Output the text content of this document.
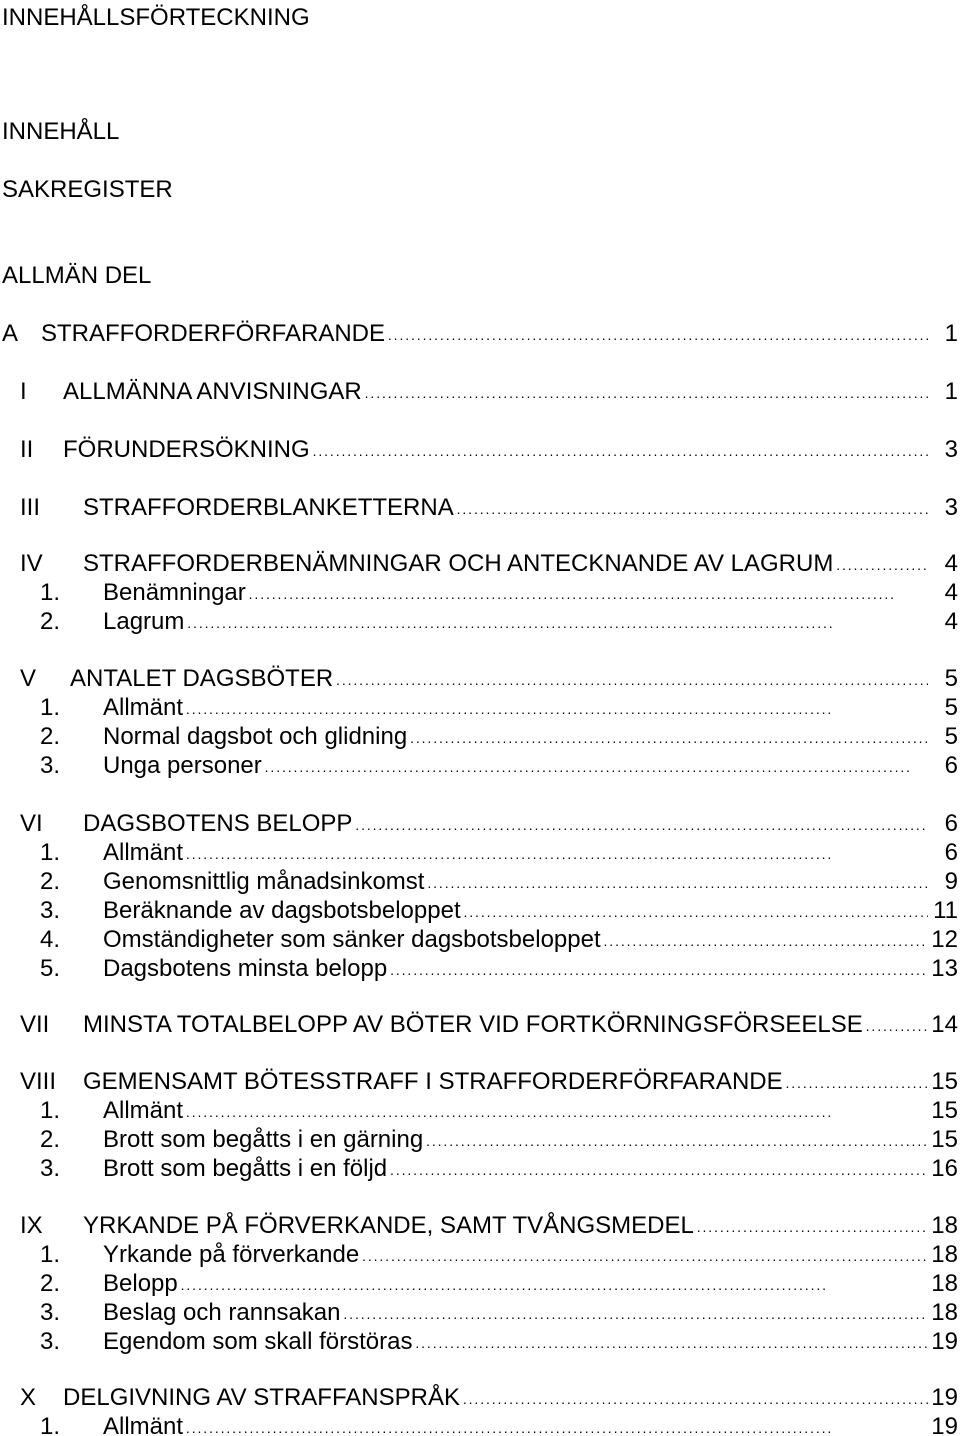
INNEHÅLLSFÖRTECKNING
INNEHÅLL
SAKREGISTER
ALLMÄN DEL
A STRAFFORDERFÖRFARANDE . . .	1
I ALLMÄNNA ANVISNINGAR . . .	1
II FÖRUNDERSÖKNING . . .	3
III STRAFFORDERBLANKETTERNA . . .	3
IV STRAFFORDERBENÄMNINGAR OCH ANTECKNANDE AV LAGRUM . . .	4
1. Benämningar . . .	4
2. Lagrum . . .	4
V ANTALET DAGSBÖTER . . .	5
1. Allmänt . . .	5
2. Normal dagsbot och glidning . . .	5
3. Unga personer . . .	6
VI DAGSBOTENS BELOPP . . .	6
1. Allmänt . . .	6
2. Genomsnittlig månadsinkomst . . .	9
3. Beräknande av dagsbotsbeloppet . . .	11
4. Omständigheter som sänker dagsbotsbeloppet . . .	12
5. Dagsbotens minsta belopp . . .	13
VII MINSTA TOTALBELOPP AV BÖTER VID FORTKÖRNINGSFÖRSEELSE . . .	14
VIII GEMENSAMT BÖTESSTRAFF I STRAFFORDERFÖRFARANDE . . .	15
1. Allmänt . . .	15
2. Brott som begåtts i en gärning . . .	15
3. Brott som begåtts i en följd . . .	16
IX YRKANDE PÅ FÖRVERKANDE, SAMT TVÅNGSMEDEL . . .	18
1. Yrkande på förverkande . . .	18
2. Belopp . . .	18
3. Beslag och rannsakan . . .	18
3. Egendom som skall förstöras . . .	19
X DELGIVNING AV STRAFFANSPRÅK . . .	19
1. Allmänt . . .	19
